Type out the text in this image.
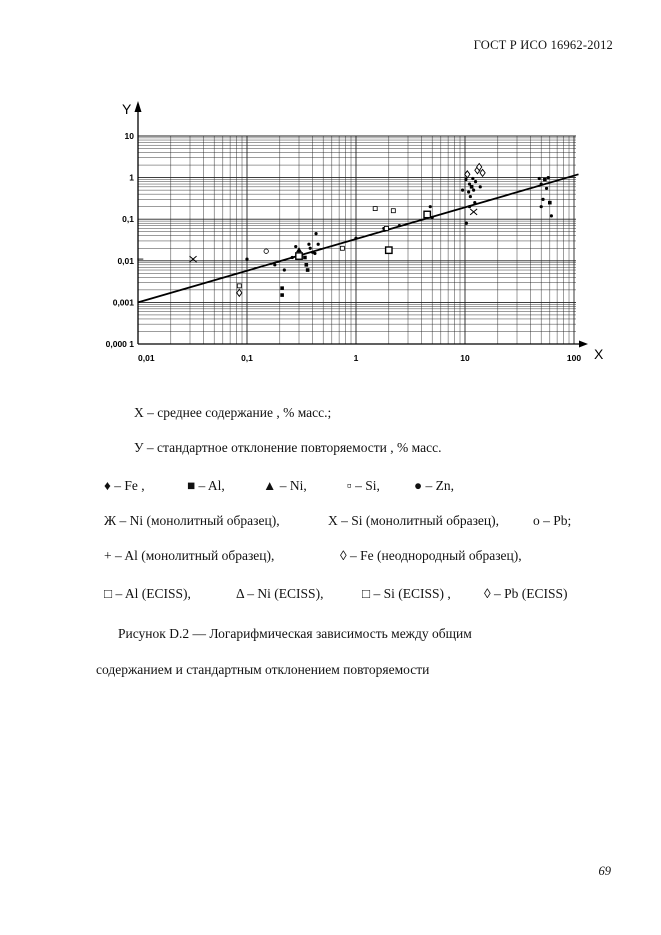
ГОСТ Р ИСО 16962-2012
Y
X
0,01	0,1	1	10	100
0,000 1
0,001
0,01
0,1
1
10
X – среднее содержание , % масс.;
У – стандартное отклонение повторяемости , % масс.
♦ – Fe ,	■ – Al,	▲ – Ni,	▫ – Si,	● – Zn,
Ж – Ni (монолитный образец),	X – Si (монолитный образец),	o – Pb;
+ – Al (монолитный образец),	◊ – Fe (неоднородный образец),
□ – Al (ECISS),	Δ – Ni (ECISS),	□ – Si (ECISS) , ◊ – Pb (ECISS)
Рисунок D.2 — Логарифмическая зависимость между общим
содержанием и стандартным отклонением повторяемости
69
